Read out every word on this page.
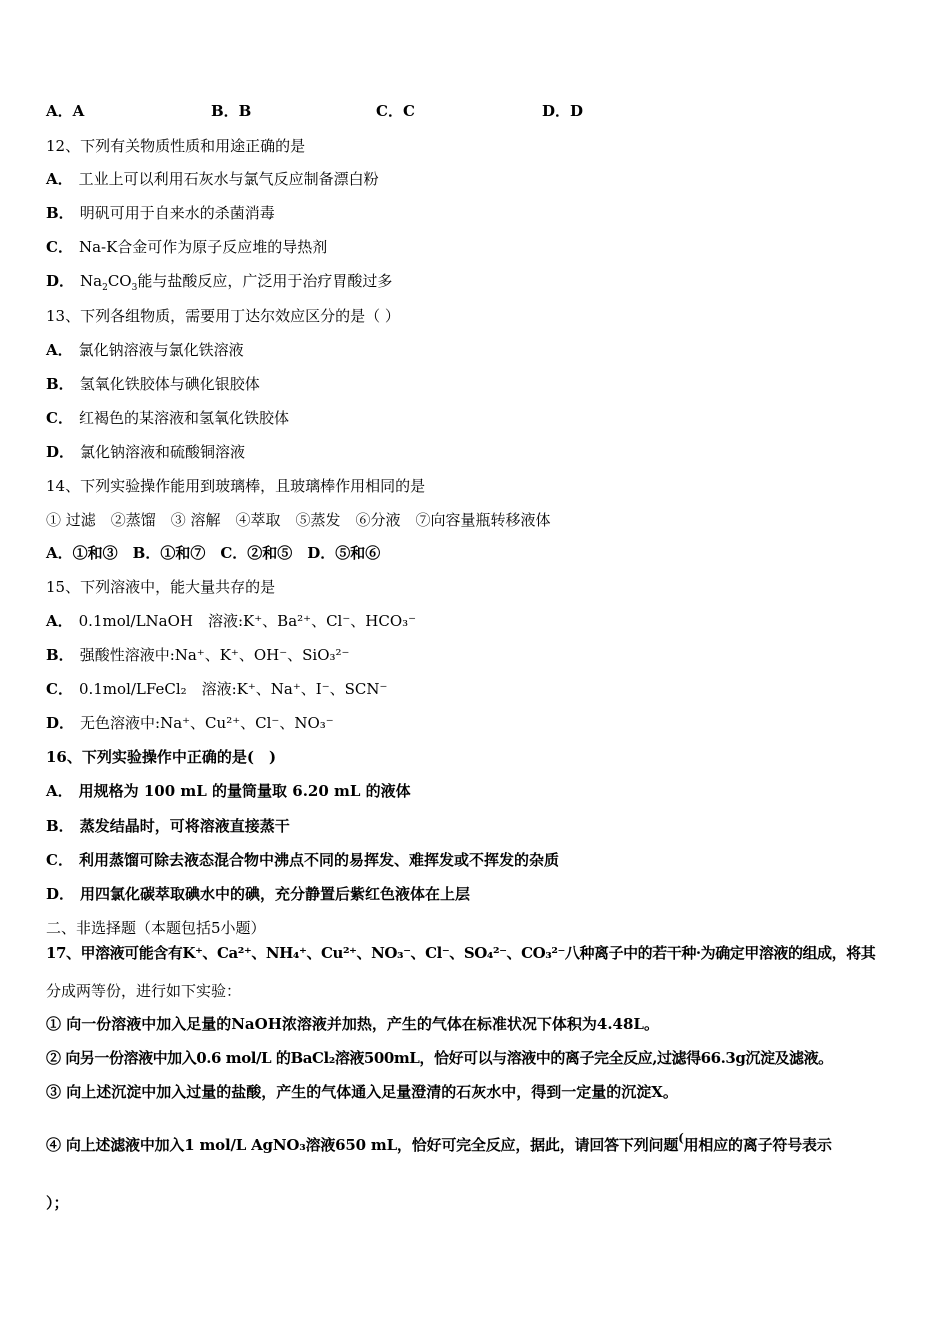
A．A	B．B	C．C	D．D
12、下列有关物质性质和用途正确的是
A． 工业上可以利用石灰水与氯气反应制备漂白粉
B． 明矾可用于自来水的杀菌消毒
C． Na-K合金可作为原子反应堆的导热剂
D． $Na_2CO_3$能与盐酸反应，广泛用于治疗胃酸过多
13、下列各组物质，需要用丁达尔效应区分的是（ ）
A． 氯化钠溶液与氯化铁溶液
B． 氢氧化铁胶体与碘化银胶体
C． 红褐色的某溶液和氢氧化铁胶体
D． 氯化钠溶液和硫酸铜溶液
14、下列实验操作能用到玻璃棒，且玻璃棒作用相同的是
① 过滤　②蒸馏　③ 溶解　④萃取　⑤蒸发　⑥分液　⑦向容量瓶转移液体
A．①和③　B．①和⑦　C．②和⑤　D．⑤和⑥
15、下列溶液中，能大量共存的是
A． 0.1mol/LNaOH　溶液:K⁺、Ba²⁺、Cl⁻、HCO₃⁻
B． 强酸性溶液中:Na⁺、K⁺、OH⁻、SiO₃²⁻
C． 0.1mol/LFeCl₂　溶液:K⁺、Na⁺、I⁻、SCN⁻
D． 无色溶液中:Na⁺、Cu²⁺、Cl⁻、NO₃⁻
16、下列实验操作中正确的是(　)
A． 用规格为 100 mL 的量筒量取 6.20 mL 的液体
B． 蒸发结晶时，可将溶液直接蒸干
C． 利用蒸馏可除去液态混合物中沸点不同的易挥发、难挥发或不挥发的杂质
D． 用四氯化碳萃取碘水中的碘，充分静置后紫红色液体在上层
二、非选择题（本题包括5小题）
17、甲溶液可能含有K⁺、Ca²⁺、NH₄⁺、Cu²⁺、NO₃⁻、Cl⁻、SO₄²⁻、CO₃²⁻八种离子中的若干种·为确定甲溶液的组成，将其
分成两等份，进行如下实验：
① 向一份溶液中加入足量的NaOH浓溶液并加热，产生的气体在标准状况下体积为4.48L。
② 向另一份溶液中加入0.6 mol/L 的BaCl₂溶液500mL，恰好可以与溶液中的离子完全反应,过滤得66.3g沉淀及滤液。
③ 向上述沉淀中加入过量的盐酸，产生的气体通入足量澄清的石灰水中，得到一定量的沉淀X。
④ 向上述滤液中加入1 mol/L AgNO₃溶液650 mL，恰好可完全反应，据此，请回答下列问题(用相应的离子符号表示
）；
